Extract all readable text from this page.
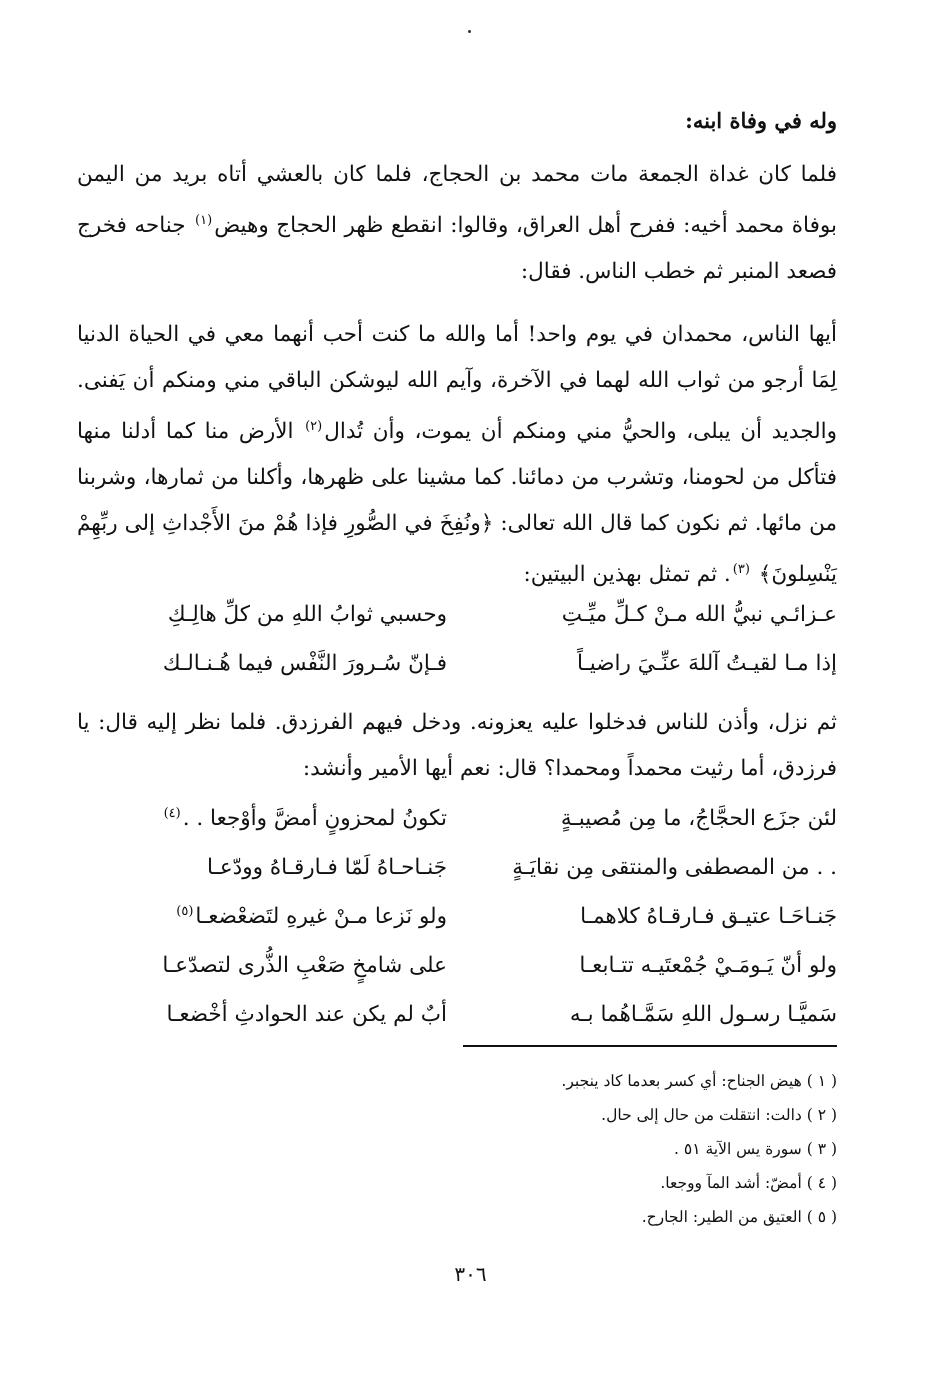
وله في وفاة ابنه:

فلما كان غداة الجمعة مات محمد بن الحجاج، فلما كان بالعشي أتاه بريد من اليمن بوفاة محمد أخيه: ففرح أهل العراق، وقالوا: انقطع ظهر الحجاج وهيض$^{(١)}$ جناحه فخرج فصعد المنبر ثم خطب الناس. فقال:

أيها الناس، محمدان في يوم واحد! أما والله ما كنت أحب أنهما معي في الحياة الدنيا لِمَا أرجو من ثواب الله لهما في الآخرة، وآيم الله ليوشكن الباقي مني ومنكم أن يَفنى. والجديد أن يبلى، والحيُّ مني ومنكم أن يموت، وأن تُدال$^{(٢)}$ الأرض منا كما أدلنا منها فتأكل من لحومنا، وتشرب من دمائنا. كما مشينا على ظهرها، وأكلنا من ثمارها، وشربنا من مائها. ثم نكون كما قال الله تعالى: ﴿ونُفِخَ في الصُّورِ فإذا هُمْ منَ الأَجْداثِ إلى ربِّهِمْ يَنْسِلونَ﴾ $^{(٣)}$. ثم تمثل بهذين البيتين:

عـزائـي نبيُّ الله مـنْ كـلِّ ميِّـتِ
وحسبي ثوابُ اللهِ من كلِّ هالِـكِ
إذا مـا لقيـتُ آللهَ عنِّـيَ راضيـاً
فـإنّ سُـرورَ النَّفْس فيما هُـنـالـك

ثم نزل، وأذن للناس فدخلوا عليه يعزونه. ودخل فيهم الفرزدق. فلما نظر إليه قال: يا فرزدق، أما رثيت محمداً ومحمدا؟ قال: نعم أيها الأمير وأنشد:

لئن جزَع الحجَّاجُ، ما مِن مُصيبـةٍ
تكونُ لمحزونٍ أمضَّ وأوْجعا . .$^{(٤)}$
. . من المصطفى والمنتقى مِن نقايَـةٍ
جَنـاحـاهُ لَمّا فـارقـاهُ وودّعـا
جَنـاحَـا عتيـق فـارقـاهُ كلاهمـا
ولو نَزعا مـنْ غيرهِ لتَضعْضعـا$^{(٥)}$
ولو أنّ يَـومَـيْ جُمْعتَيـه تتـابعـا
على شامخٍ صَعْبِ الذُّرى لتصدّعـا
سَميَّـا رسـول اللهِ سَمَّـاهُما بـه
أبٌ لم يكن عند الحوادثِ أخْضعـا
( ١ ) هيض الجناح: أي كسر بعدما كاد ينجبر.
( ٢ ) دالت: انتقلت من حال إلى حال.
( ٣ ) سورة يس الآية ٥١ .
( ٤ ) أمضّ: أشد المآ ووجعا.
( ٥ ) العتيق من الطير: الجارح.
٣٠٦
